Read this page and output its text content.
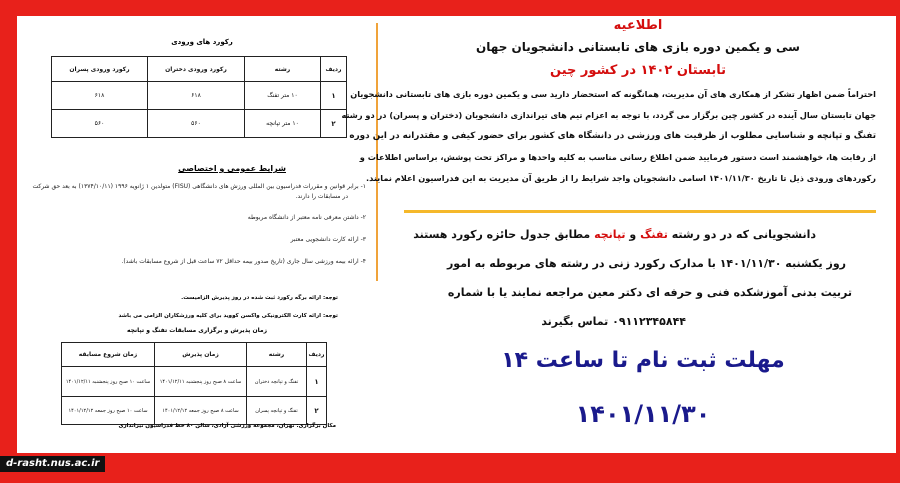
رکورد های ورودی
ردیف	رشته	رکورد ورودی دختران	رکورد ورودی پسران
۱	۱۰ متر تفنگ	۶۱۸	۶۱۸
۲	۱۰ متر تپانچه	۵۶۰	۵۶۰
شرایط عمومی و اختصاصی
۱- برابر قوانین و مقررات فدراسیون بین المللی ورزش های دانشگاهی (FISU) متولدین ۱ ژانویه ۱۹۹۶ (۱۳۷۴/۱۰/۱۱) به بعد حق شرکت
در مسابقات را دارند.
۲- داشتن معرفی نامه معتبر از دانشگاه مربوطه
۳- ارائه کارت دانشجویی معتبر
۴- ارائه بیمه ورزشی سال جاری (تاریخ صدور بیمه حداقل ۷۲ ساعت قبل از شروع مسابقات باشد).
توجه: ارائه برگه رکورد ثبت شده در روز پذیرش الزامیست.
توجه: ارائه کارت الکترونیکی واکسن کووید برای کلیه ورزشکاران الزامی می باشد
زمان پذیرش و برگزاری مسابقات تفنگ و تپانچه
ردیف	رشته	زمان پذیرش	زمان شروع مسابقه
۱	تفنگ و تپانچه دختران	ساعت ۸ صبح روز پنجشنبه ۱۴۰۱/۱۲/۱۱	ساعت ۱۰ صبح روز پنجشنبه ۱۴۰۱/۱۲/۱۱
۲	تفنگ و تپانچه پسران	ساعت ۸ صبح روز جمعه ۱۴۰۱/۱۲/۱۲	ساعت ۱۰ صبح روز جمعه ۱۴۰۱/۱۲/۱۲
مکان برگزاری: تهران، مجموعه ورزشی آزادی، سالن ۸۰ خط فدراسیون تیراندازی
اطلاعیه
سی و یکمین دوره بازی های تابستانی دانشجویان جهان
تابستان ۱۴۰۲ در کشور چین
احتراماً ضمن اظهار تشکر از همکاری های آن مدیریت، همانگونه که استحضار دارید سی و یکمین دوره بازی های تابستانی دانشجویان
جهان تابستان سال آینده در کشور چین برگزار می گردد، با توجه به اعزام تیم های تیراندازی دانشجویان (دختران و پسران) در دو رشته
تفنگ و تپانچه و شناسایی مطلوب از ظرفیت های ورزشی در دانشگاه های کشور برای حضور کیفی و مقتدرانه در این دوره
از رقابت ها، خواهشمند است دستور فرمایید ضمن اطلاع رسانی مناسب به کلیه واحدها و مراکز تحت پوشش، براساس اطلاعات و
رکوردهای ورودی ذیل تا تاریخ ۱۴۰۱/۱۱/۳۰ اسامی دانشجویان واجد شرایط را از طریق آن مدیریت به این فدراسیون اعلام نمایند.
دانشجویانی که در دو رشته تفنگ و تپانچه مطابق جدول حائزه رکورد هستند
روز یکشنبه ۱۴۰۱/۱۱/۳۰ با مدارک رکورد زنی در رشته های مربوطه به امور
تربیت بدنی آموزشکده فنی و حرفه ای دکتر معین مراجعه نمایند یا با شماره
۰۹۱۱۲۳۴۵۸۴۴ تماس بگیرند
مهلت ثبت نام تا ساعت ۱۴
۱۴۰۱/۱۱/۳۰
d-rasht.nus.ac.ir
